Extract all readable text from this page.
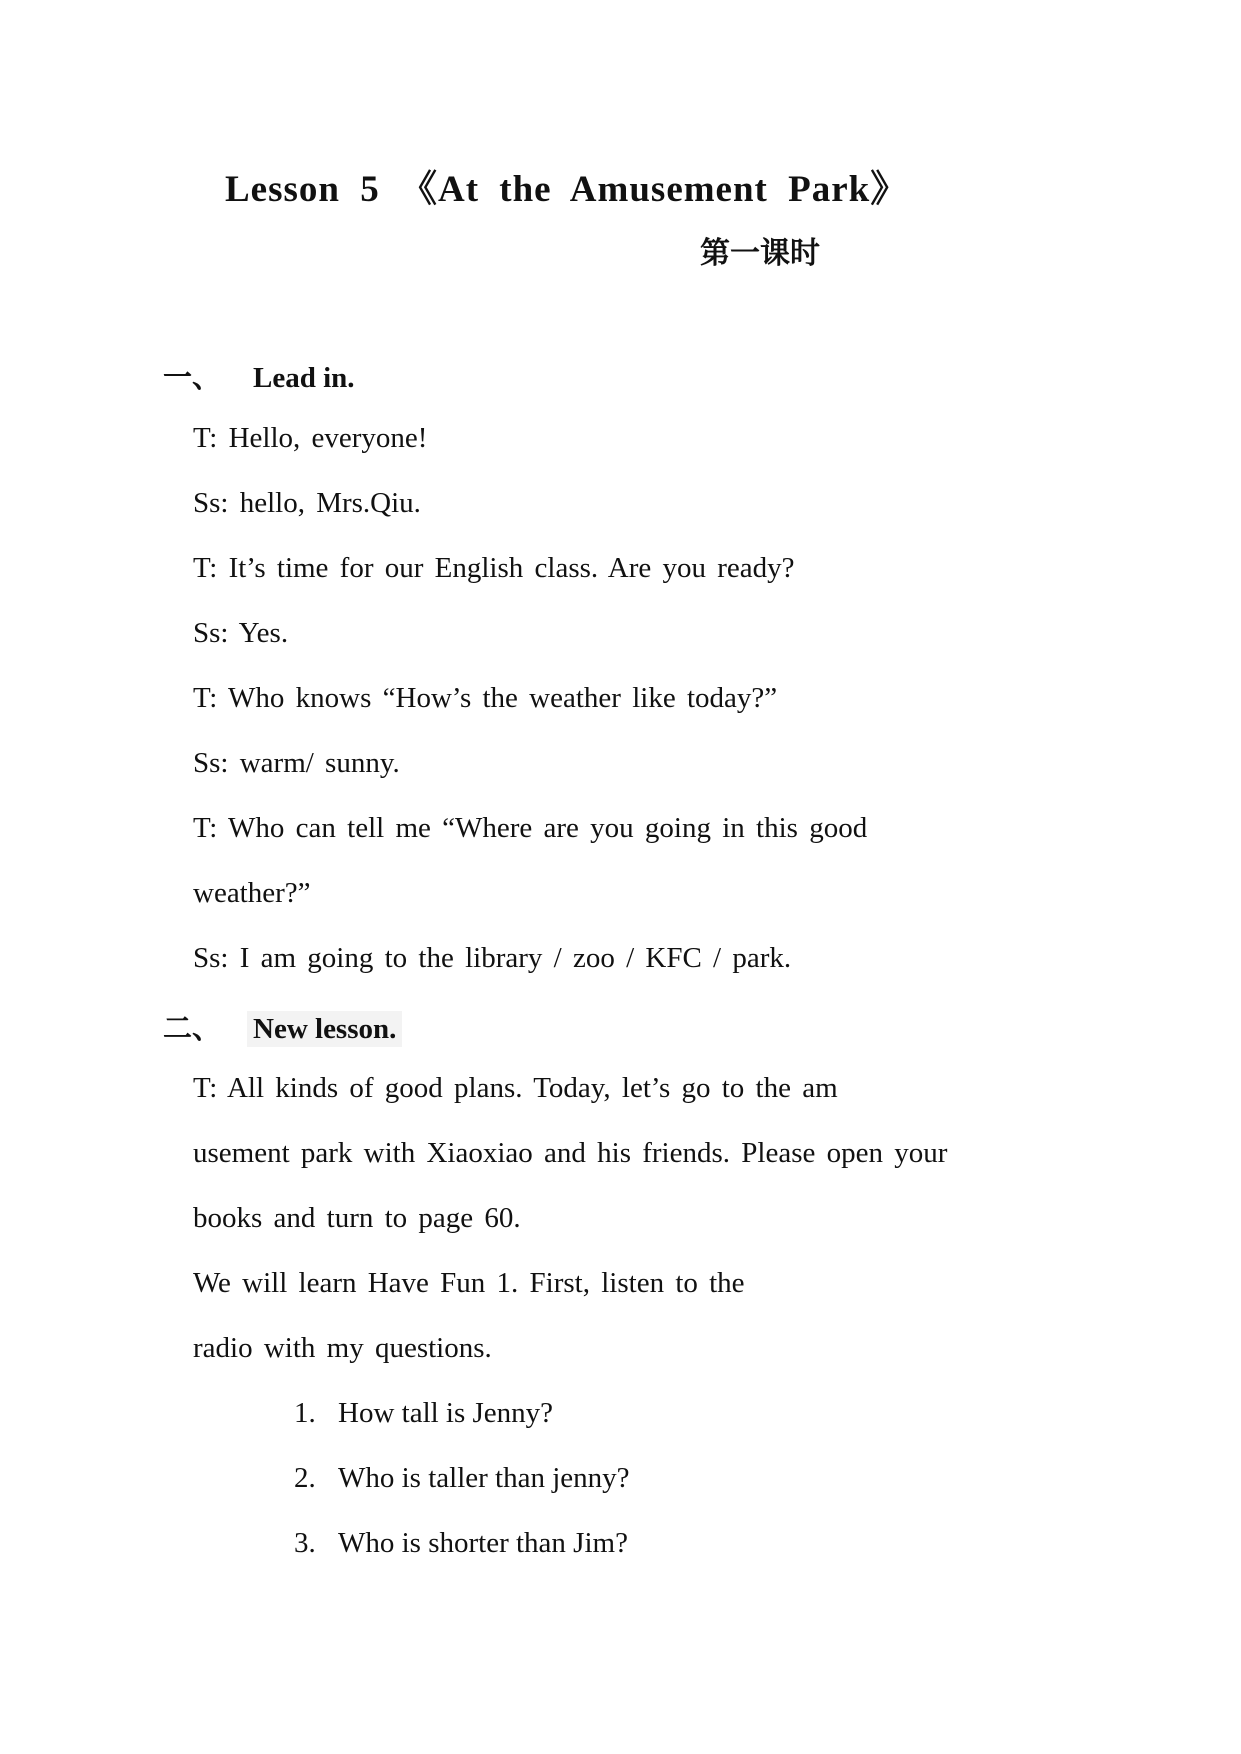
Lesson 5 《At the Amusement Park》
第一课时
一、 Lead in.
T: Hello, everyone!
Ss: hello, Mrs.Qiu.
T: It’s time for our English class. Are you ready?
Ss: Yes.
T: Who knows “How’s the weather like today?”
Ss: warm/ sunny.
T: Who can tell me “Where are you going in this good
weather?”
Ss: I am going to the library / zoo / KFC / park.
二、 New lesson.
T: All kinds of good plans. Today, let’s go to the am
usement park with Xiaoxiao and his friends. Please open your
books and turn to page 60.
We will learn Have Fun 1. First, listen to the
radio with my questions.
1. How tall is Jenny?
2. Who is taller than jenny?
3. Who is shorter than Jim?
